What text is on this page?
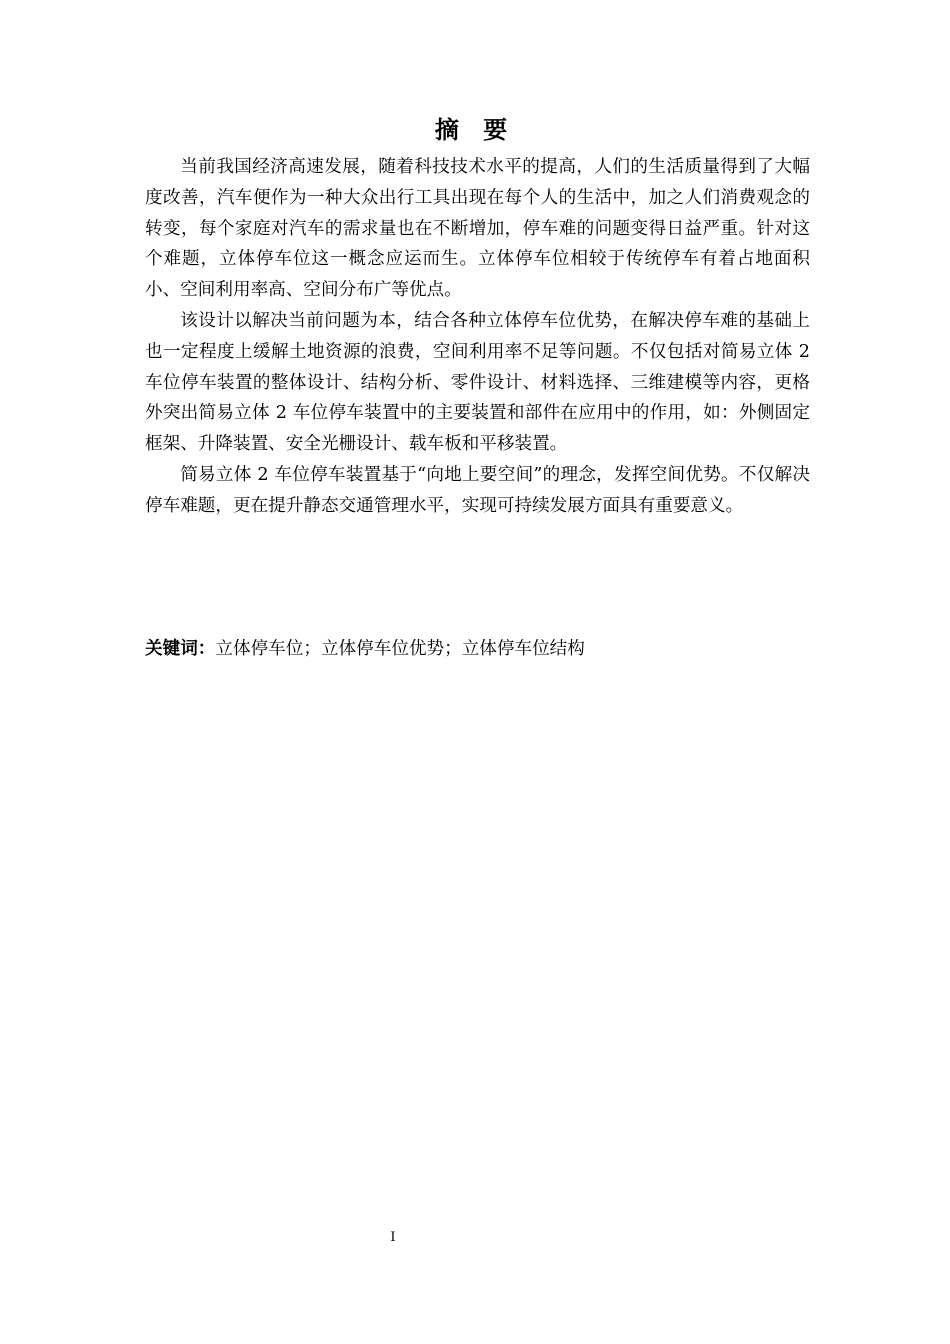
摘 要

当前我国经济高速发展，随着科技技术水平的提高，人们的生活质量得到了大幅度改善，汽车便作为一种大众出行工具出现在每个人的生活中，加之人们消费观念的转变，每个家庭对汽车的需求量也在不断增加，停车难的问题变得日益严重。针对这个难题，立体停车位这一概念应运而生。立体停车位相较于传统停车有着占地面积小、空间利用率高、空间分布广等优点。

该设计以解决当前问题为本，结合各种立体停车位优势，在解决停车难的基础上也一定程度上缓解土地资源的浪费，空间利用率不足等问题。不仅包括对简易立体 2 车位停车装置的整体设计、结构分析、零件设计、材料选择、三维建模等内容，更格外突出简易立体 2 车位停车装置中的主要装置和部件在应用中的作用，如：外侧固定框架、升降装置、安全光栅设计、载车板和平移装置。

简易立体 2 车位停车装置基于“向地上要空间”的理念，发挥空间优势。不仅解决停车难题，更在提升静态交通管理水平，实现可持续发展方面具有重要意义。

关键词：立体停车位；立体停车位优势；立体停车位结构
I
